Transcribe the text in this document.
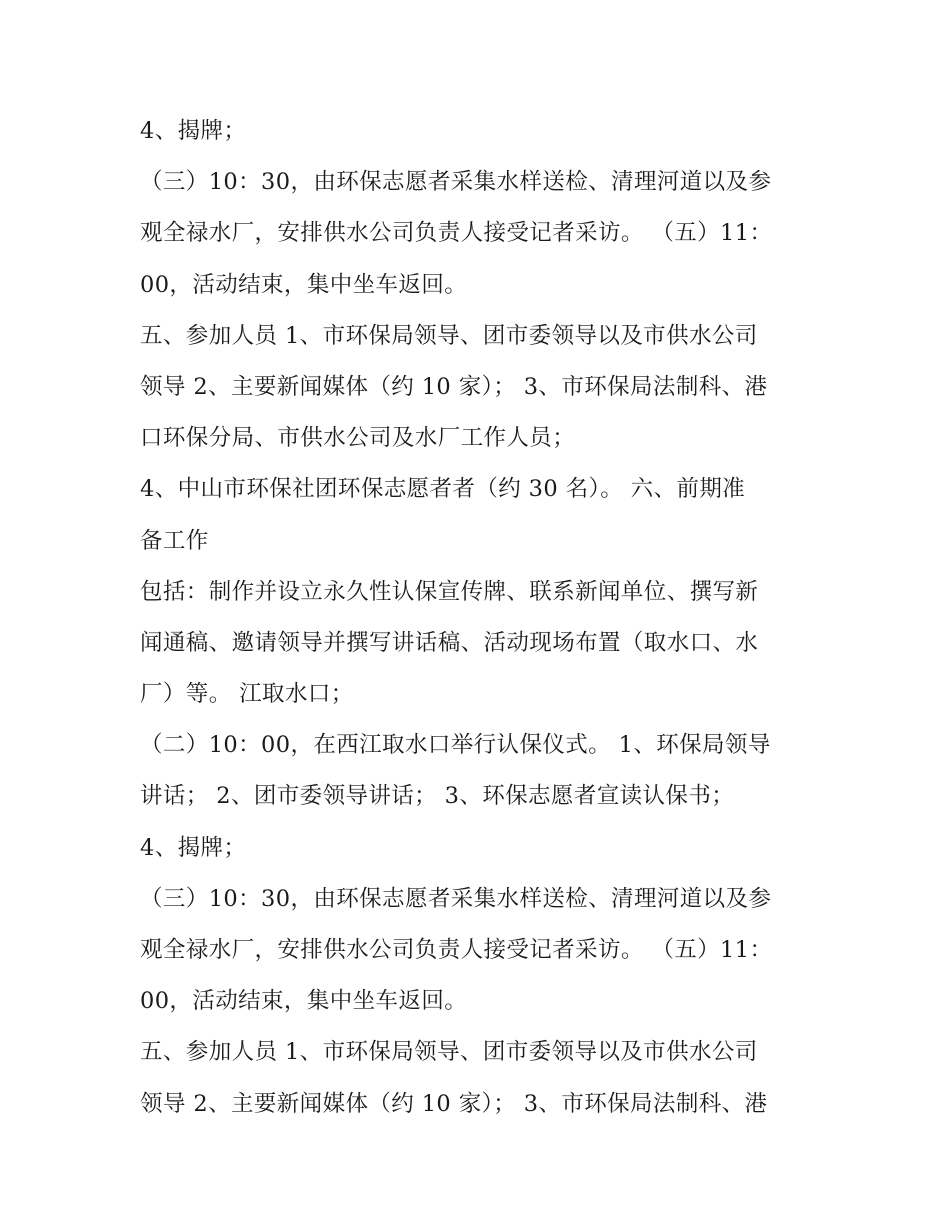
4、揭牌；
（三）10：30，由环保志愿者采集水样送检、清理河道以及参
观全禄水厂，安排供水公司负责人接受记者采访。 （五）11：
00，活动结束，集中坐车返回。
五、参加人员 1、市环保局领导、团市委领导以及市供水公司
领导 2、主要新闻媒体（约 10 家）； 3、市环保局法制科、港
口环保分局、市供水公司及水厂工作人员；
4、中山市环保社团环保志愿者者（约 30 名）。 六、前期准
备工作
包括：制作并设立永久性认保宣传牌、联系新闻单位、撰写新
闻通稿、邀请领导并撰写讲话稿、活动现场布置（取水口、水
厂）等。 江取水口；
（二）10：00，在西江取水口举行认保仪式。 1、环保局领导
讲话； 2、团市委领导讲话； 3、环保志愿者宣读认保书；
4、揭牌；
（三）10：30，由环保志愿者采集水样送检、清理河道以及参
观全禄水厂，安排供水公司负责人接受记者采访。 （五）11：
00，活动结束，集中坐车返回。
五、参加人员 1、市环保局领导、团市委领导以及市供水公司
领导 2、主要新闻媒体（约 10 家）； 3、市环保局法制科、港
